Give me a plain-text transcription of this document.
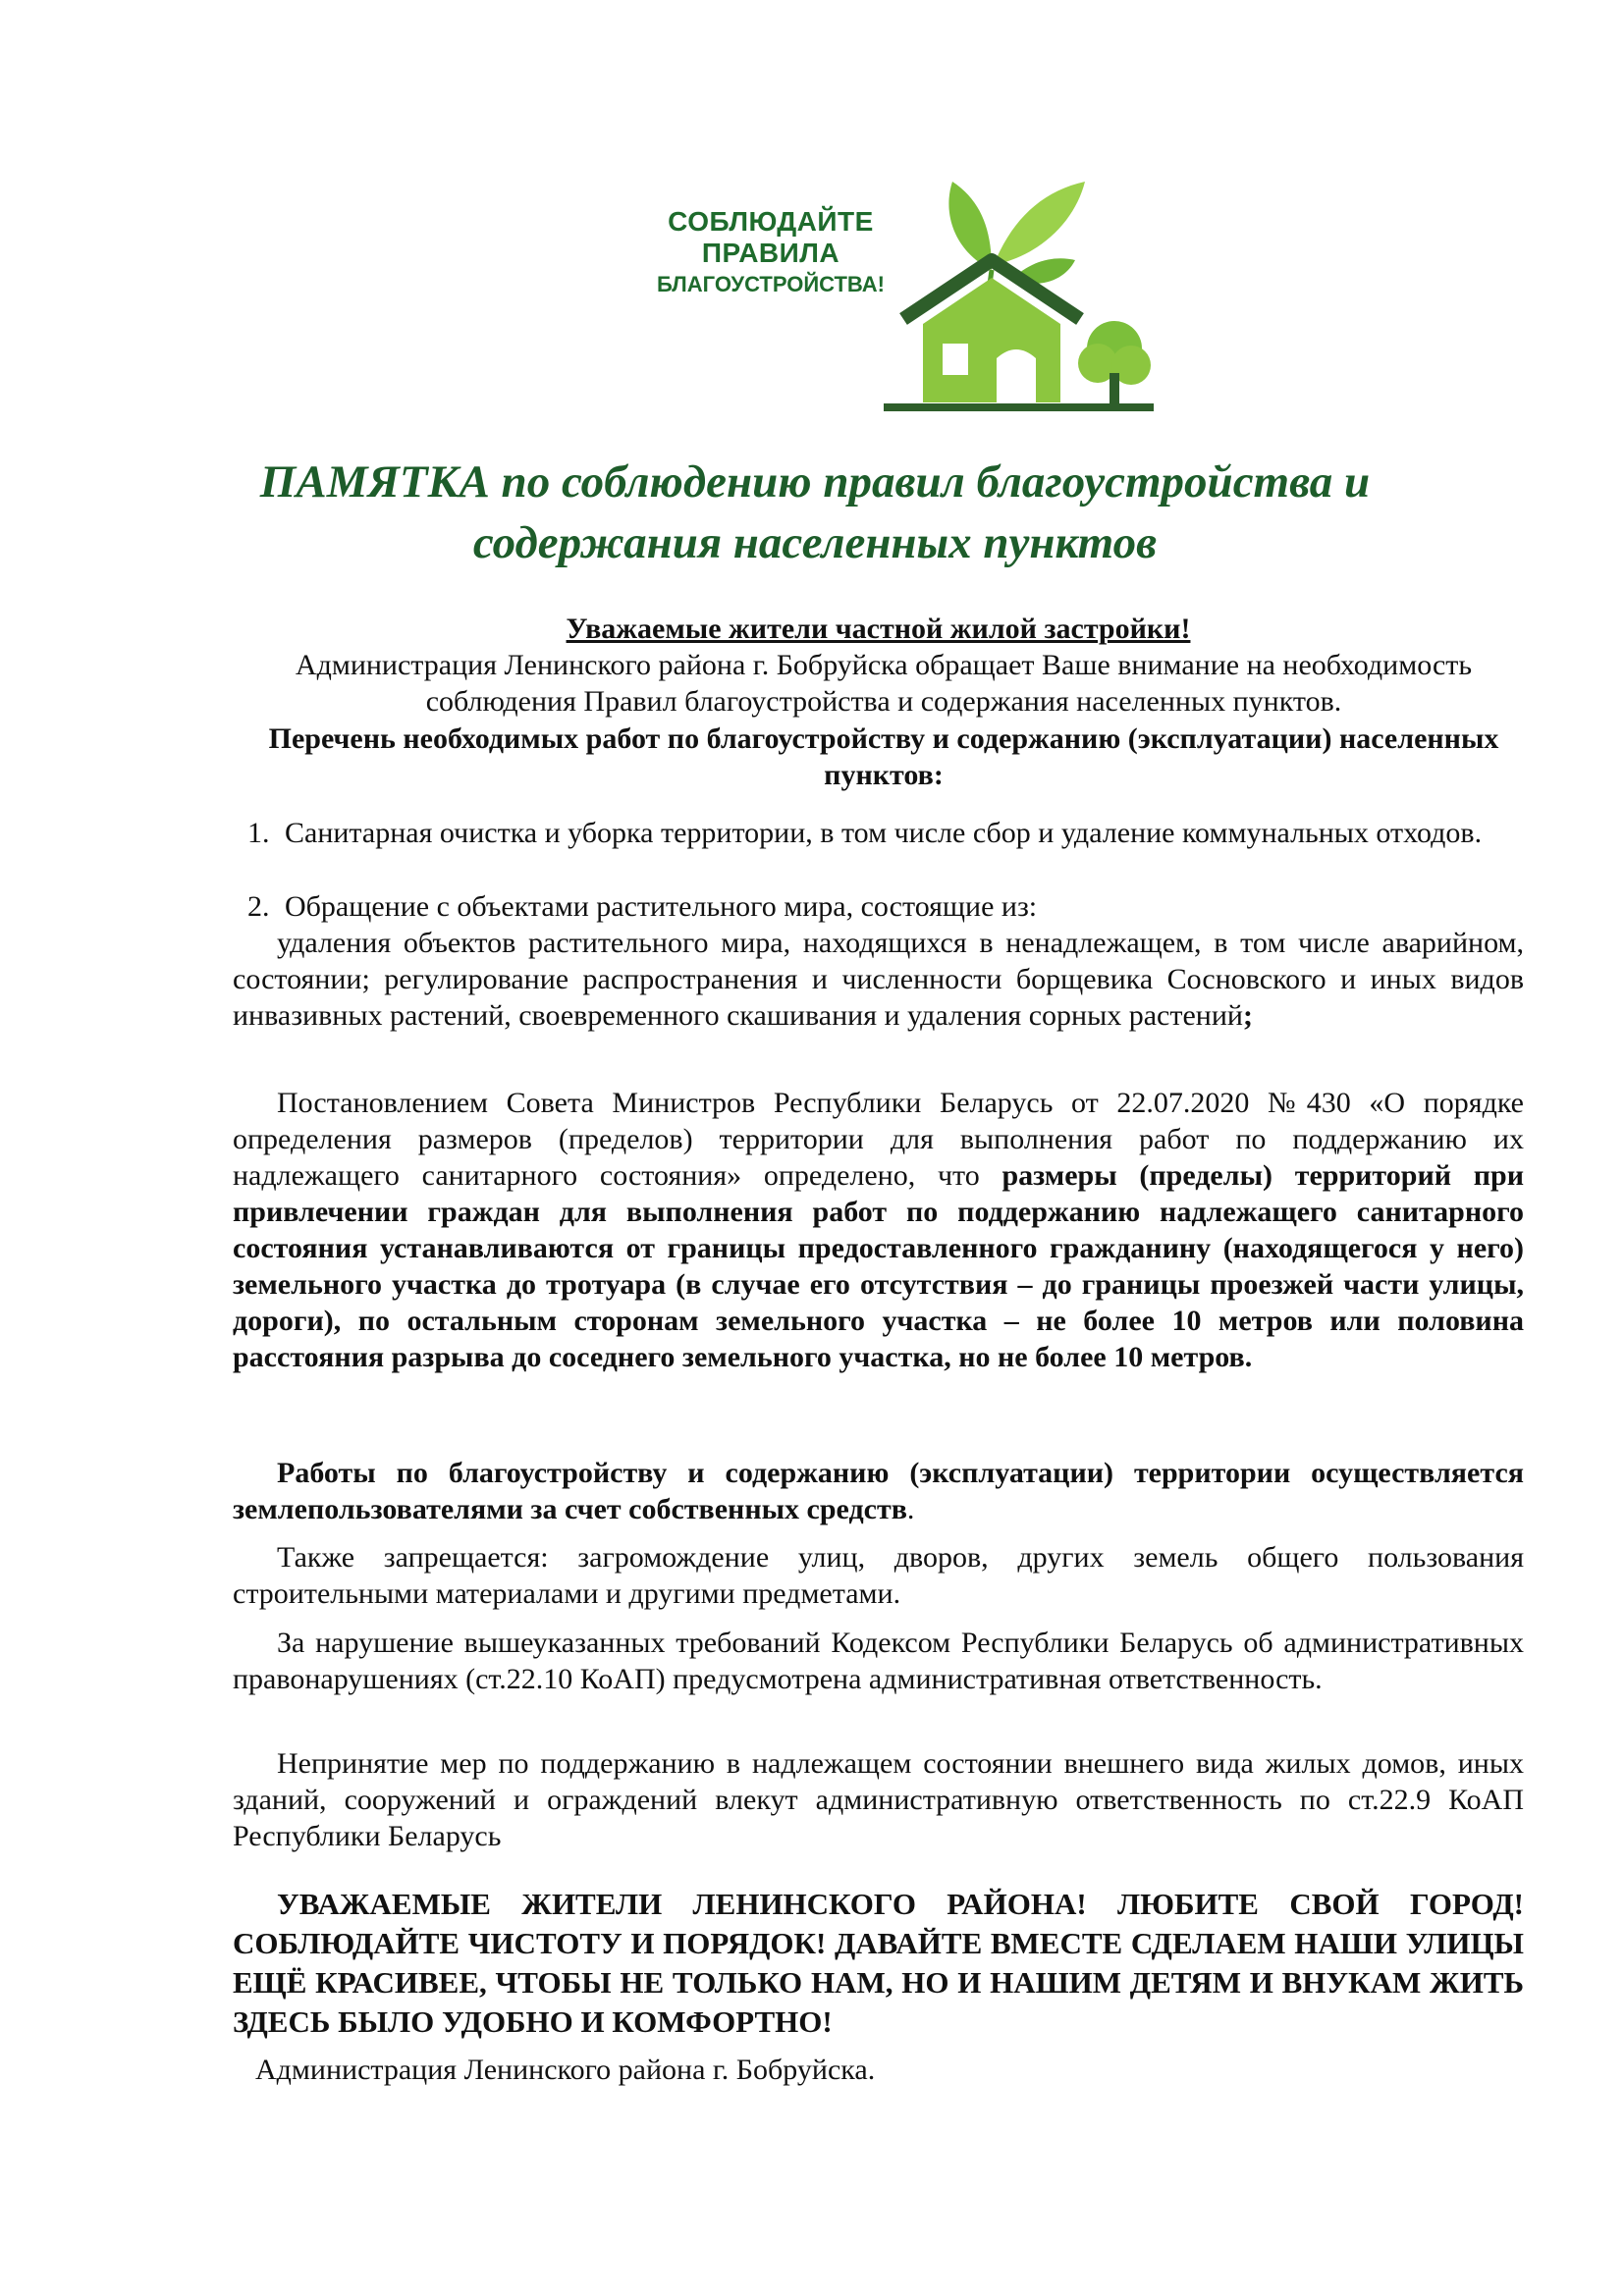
СОБЛЮДАЙТЕ
ПРАВИЛА
БЛАГОУСТРОЙСТВА!
ПАМЯТКА по соблюдению правил благоустройства и содержания населенных пунктов
Уважаемые жители частной жилой застройки!
Администрация Ленинского района г. Бобруйска обращает Ваше внимание на необходимость соблюдения Правил благоустройства и содержания населенных пунктов.
Перечень необходимых работ по благоустройству и содержанию (эксплуатации) населенных пунктов:
1. Санитарная очистка и уборка территории, в том числе сбор и удаление коммунальных отходов.
2. Обращение с объектами растительного мира, состоящие из:
удаления объектов растительного мира, находящихся в ненадлежащем, в том числе аварийном, состоянии; регулирование распространения и численности борщевика Сосновского и иных видов инвазивных растений, своевременного скашивания и удаления сорных растений;
Постановлением Совета Министров Республики Беларусь от 22.07.2020 №430 «О порядке определения размеров (пределов) территории для выполнения работ по поддержанию их надлежащего санитарного состояния» определено, что размеры (пределы) территорий при привлечении граждан для выполнения работ по поддержанию надлежащего санитарного состояния устанавливаются от границы предоставленного гражданину (находящегося у него) земельного участка до тротуара (в случае его отсутствия – до границы проезжей части улицы, дороги), по остальным сторонам земельного участка – не более 10 метров или половина расстояния разрыва до соседнего земельного участка, но не более 10 метров.
Работы по благоустройству и содержанию (эксплуатации) территории осуществляется землепользователями за счет собственных средств.
Также запрещается: загромождение улиц, дворов, других земель общего пользования строительными материалами и другими предметами.
За нарушение вышеуказанных требований Кодексом Республики Беларусь об административных правонарушениях (ст.22.10 КоАП) предусмотрена административная ответственность.
Непринятие мер по поддержанию в надлежащем состоянии внешнего вида жилых домов, иных зданий, сооружений и ограждений влекут административную ответственность по ст.22.9 КоАП Республики Беларусь
УВАЖАЕМЫЕ ЖИТЕЛИ ЛЕНИНСКОГО РАЙОНА! ЛЮБИТЕ СВОЙ ГОРОД! СОБЛЮДАЙТЕ ЧИСТОТУ И ПОРЯДОК! ДАВАЙТЕ ВМЕСТЕ СДЕЛАЕМ НАШИ УЛИЦЫ ЕЩЁ КРАСИВЕЕ, ЧТОБЫ НЕ ТОЛЬКО НАМ, НО И НАШИМ ДЕТЯМ И ВНУКАМ ЖИТЬ ЗДЕСЬ БЫЛО УДОБНО И КОМФОРТНО!
Администрация Ленинского района г. Бобруйска.
